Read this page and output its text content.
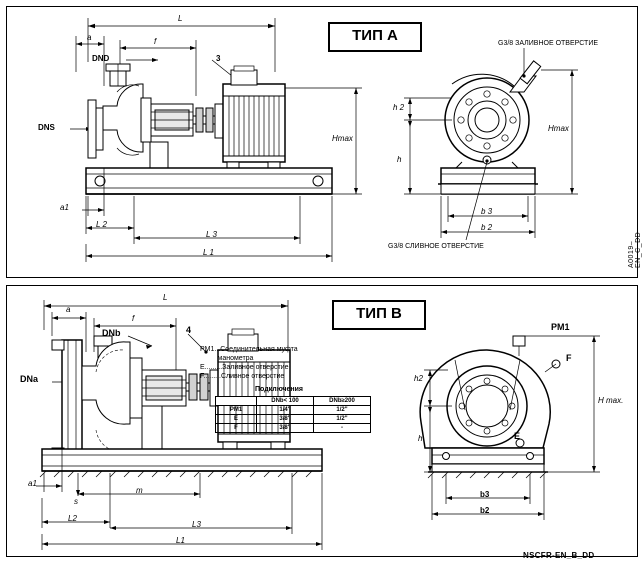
ТИП А
L
a	f
DND	3
DNS
Hmax
a1
L 2
L 3
L 1
h 2
h
b 3
b 2
Hmax
G3/8 ЗАЛИВНОЕ ОТВЕРСТИЕ
G3/8 СЛИВНОЕ ОТВЕРСТИЕ	A0019–EN_C_DD
ТИП В
L
a
f
DNb	4
DNa
a1
s
m
L2
L3
L1
PM1
F
E
h2
h
H max.
b3
b2
PM1...Соединительная муфта
манометра
E.........Заливное отверстие
F.........Сливное отверстие
Подключения
	DNb< 100	DNb≥200
PM1	1/4"	1/2"
E	3/8"	1/2"
F	3/8"	-
NSCFR-EN_B_DD
